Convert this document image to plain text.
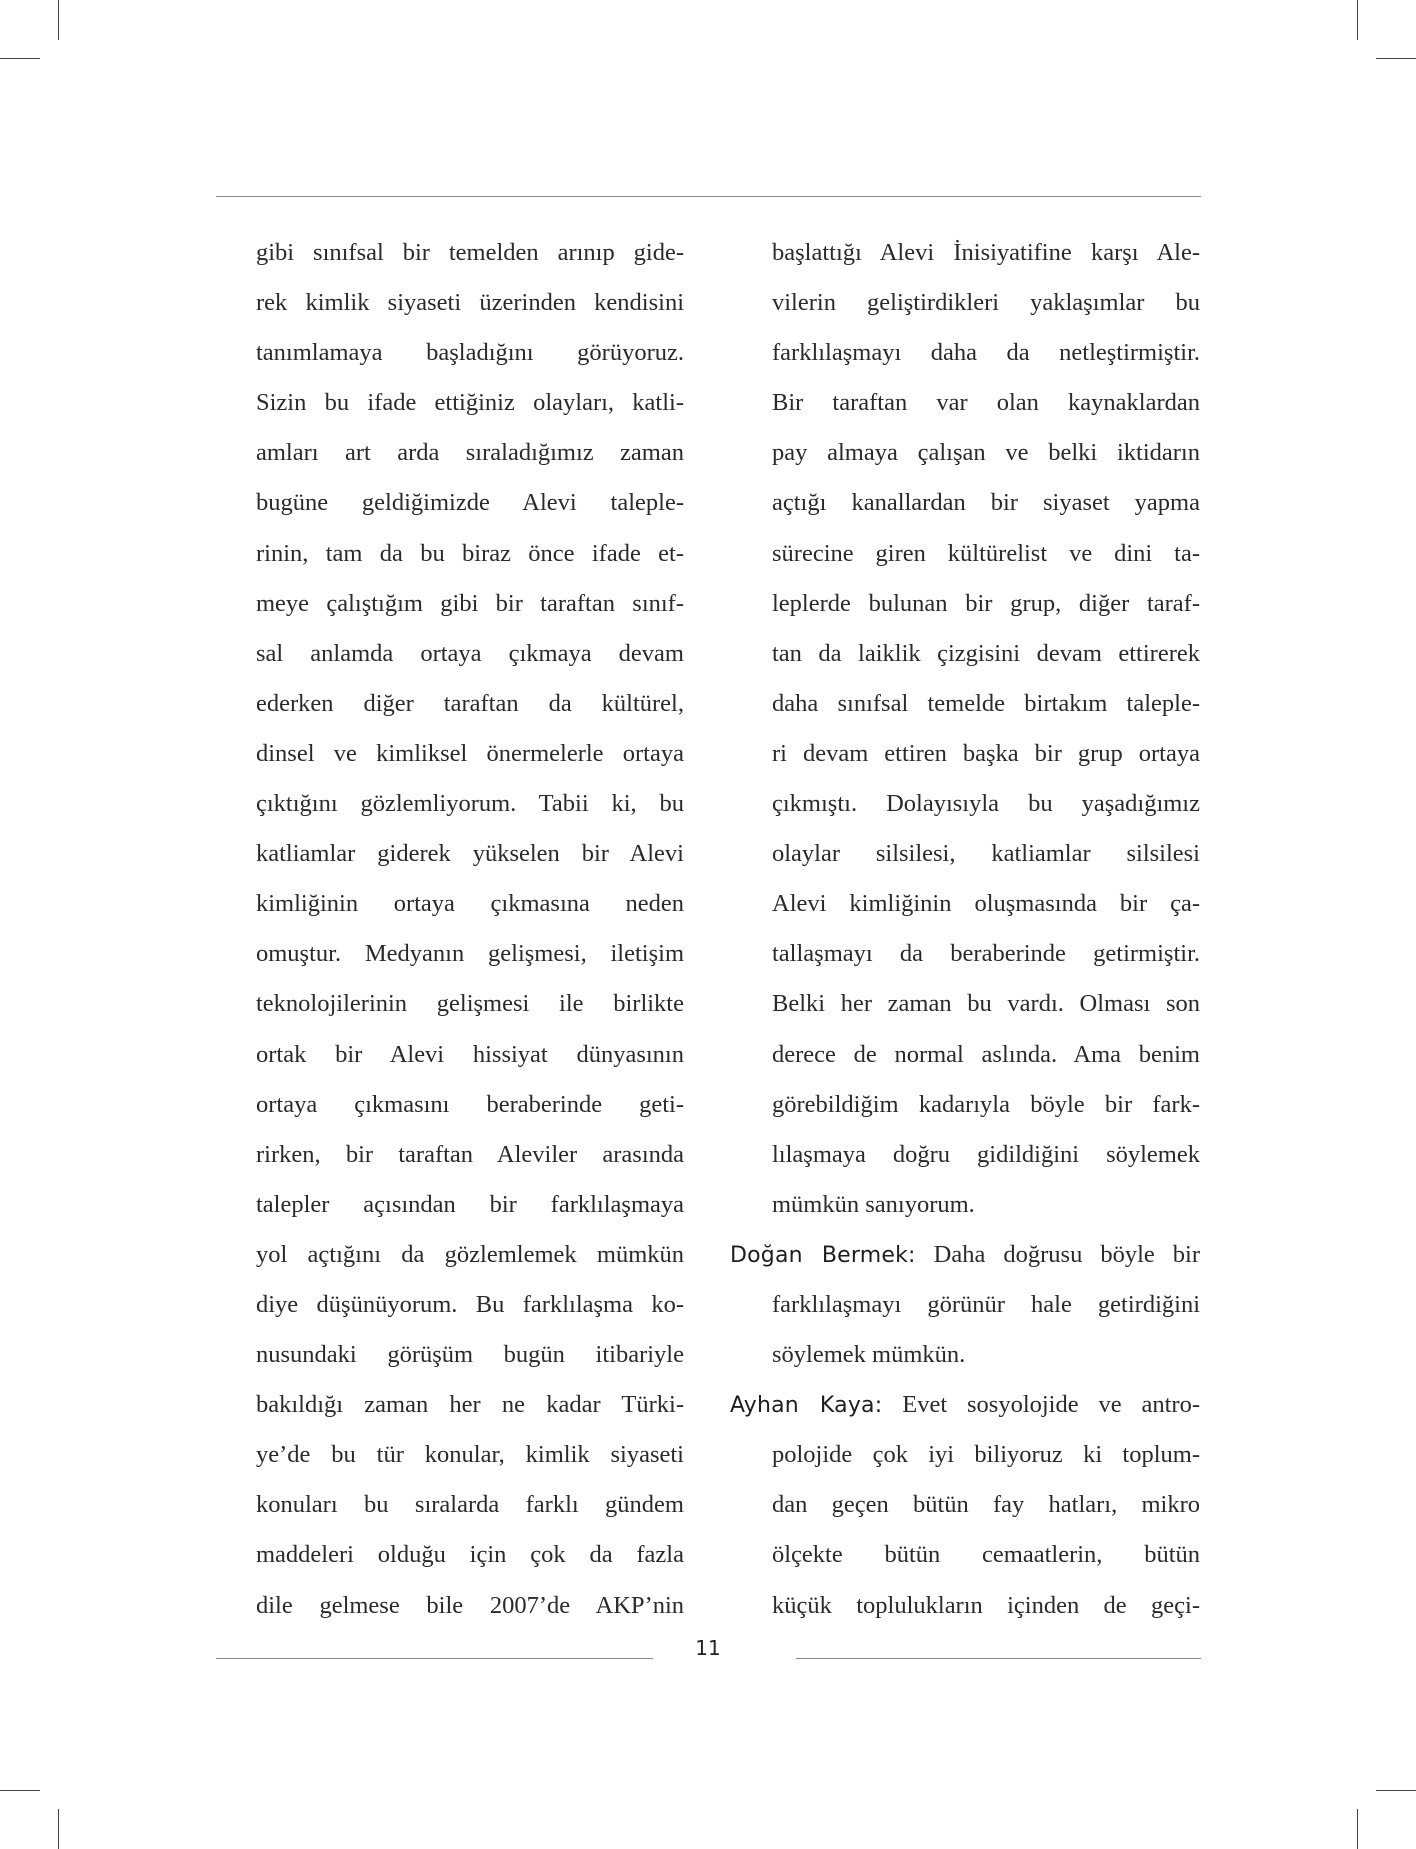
gibi sınıfsal bir temelden arınıp gide-
rek kimlik siyaseti üzerinden kendisini
tanımlamaya başladığını görüyoruz.
Sizin bu ifade ettiğiniz olayları, katli-
amları art arda sıraladığımız zaman
bugüne geldiğimizde Alevi taleple-
rinin, tam da bu biraz önce ifade et-
meye çalıştığım gibi bir taraftan sınıf-
sal anlamda ortaya çıkmaya devam
ederken diğer taraftan da kültürel,
dinsel ve kimliksel önermelerle ortaya
çıktığını gözlemliyorum. Tabii ki, bu
katliamlar giderek yükselen bir Alevi
kimliğinin ortaya çıkmasına neden
omuştur. Medyanın gelişmesi, iletişim
teknolojilerinin gelişmesi ile birlikte
ortak bir Alevi hissiyat dünyasının
ortaya çıkmasını beraberinde geti-
rirken, bir taraftan Aleviler arasında
talepler açısından bir farklılaşmaya
yol açtığını da gözlemlemek mümkün
diye düşünüyorum. Bu farklılaşma ko-
nusundaki görüşüm bugün itibariyle
bakıldığı zaman her ne kadar Türki-
ye’de bu tür konular, kimlik siyaseti
konuları bu sıralarda farklı gündem
maddeleri olduğu için çok da fazla
dile gelmese bile 2007’de AKP’nin
başlattığı Alevi İnisiyatifine karşı Ale-
vilerin geliştirdikleri yaklaşımlar bu
farklılaşmayı daha da netleştirmiştir.
Bir taraftan var olan kaynaklardan
pay almaya çalışan ve belki iktidarın
açtığı kanallardan bir siyaset yapma
sürecine giren kültürelist ve dini ta-
leplerde bulunan bir grup, diğer taraf-
tan da laiklik çizgisini devam ettirerek
daha sınıfsal temelde birtakım taleple-
ri devam ettiren başka bir grup ortaya
çıkmıştı. Dolayısıyla bu yaşadığımız
olaylar silsilesi, katliamlar silsilesi
Alevi kimliğinin oluşmasında bir ça-
tallaşmayı da beraberinde getirmiştir.
Belki her zaman bu vardı. Olması son
derece de normal aslında. Ama benim
görebildiğim kadarıyla böyle bir fark-
lılaşmaya doğru gidildiğini söylemek
mümkün sanıyorum.
Doğan Bermek: Daha doğrusu böyle bir
farklılaşmayı görünür hale getirdiğini
söylemek mümkün.
Ayhan Kaya: Evet sosyolojide ve antro-
polojide çok iyi biliyoruz ki toplum-
dan geçen bütün fay hatları, mikro
ölçekte bütün cemaatlerin, bütün
küçük toplulukların içinden de geçi-
11
